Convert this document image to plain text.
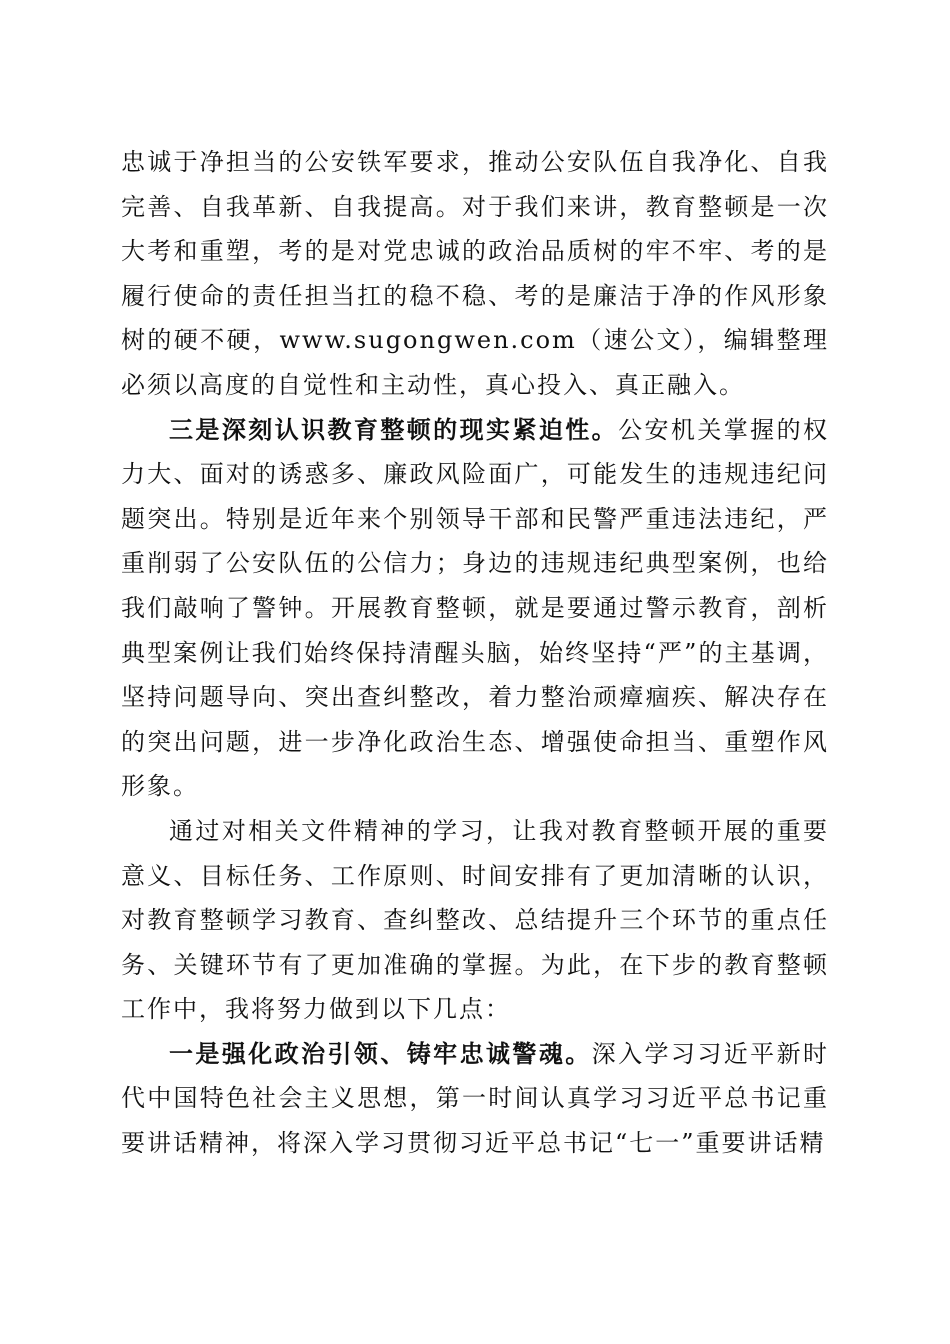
忠诚于净担当的公安铁军要求，推动公安队伍自我净化、自我完善、自我革新、自我提高。对于我们来讲，教育整顿是一次大考和重塑，考的是对党忠诚的政治品质树的牢不牢、考的是履行使命的责任担当扛的稳不稳、考的是廉洁于净的作风形象树的硬不硬，www.sugongwen.com（速公文），编辑整理必须以高度的自觉性和主动性，真心投入、真正融入。

三是深刻认识教育整顿的现实紧迫性。公安机关掌握的权力大、面对的诱惑多、廉政风险面广，可能发生的违规违纪问题突出。特别是近年来个别领导干部和民警严重违法违纪，严重削弱了公安队伍的公信力；身边的违规违纪典型案例，也给我们敲响了警钟。开展教育整顿，就是要通过警示教育，剖析典型案例让我们始终保持清醒头脑，始终坚持“严”的主基调，坚持问题导向、突出查纠整改，着力整治顽瘴痼疾、解决存在的突出问题，进一步净化政治生态、增强使命担当、重塑作风形象。

通过对相关文件精神的学习，让我对教育整顿开展的重要意义、目标任务、工作原则、时间安排有了更加清晰的认识，对教育整顿学习教育、查纠整改、总结提升三个环节的重点任务、关键环节有了更加准确的掌握。为此，在下步的教育整顿工作中，我将努力做到以下几点：

一是强化政治引领、铸牢忠诚警魂。深入学习习近平新时代中国特色社会主义思想，第一时间认真学习习近平总书记重要讲话精神，将深入学习贯彻习近平总书记“七一”重要讲话精
